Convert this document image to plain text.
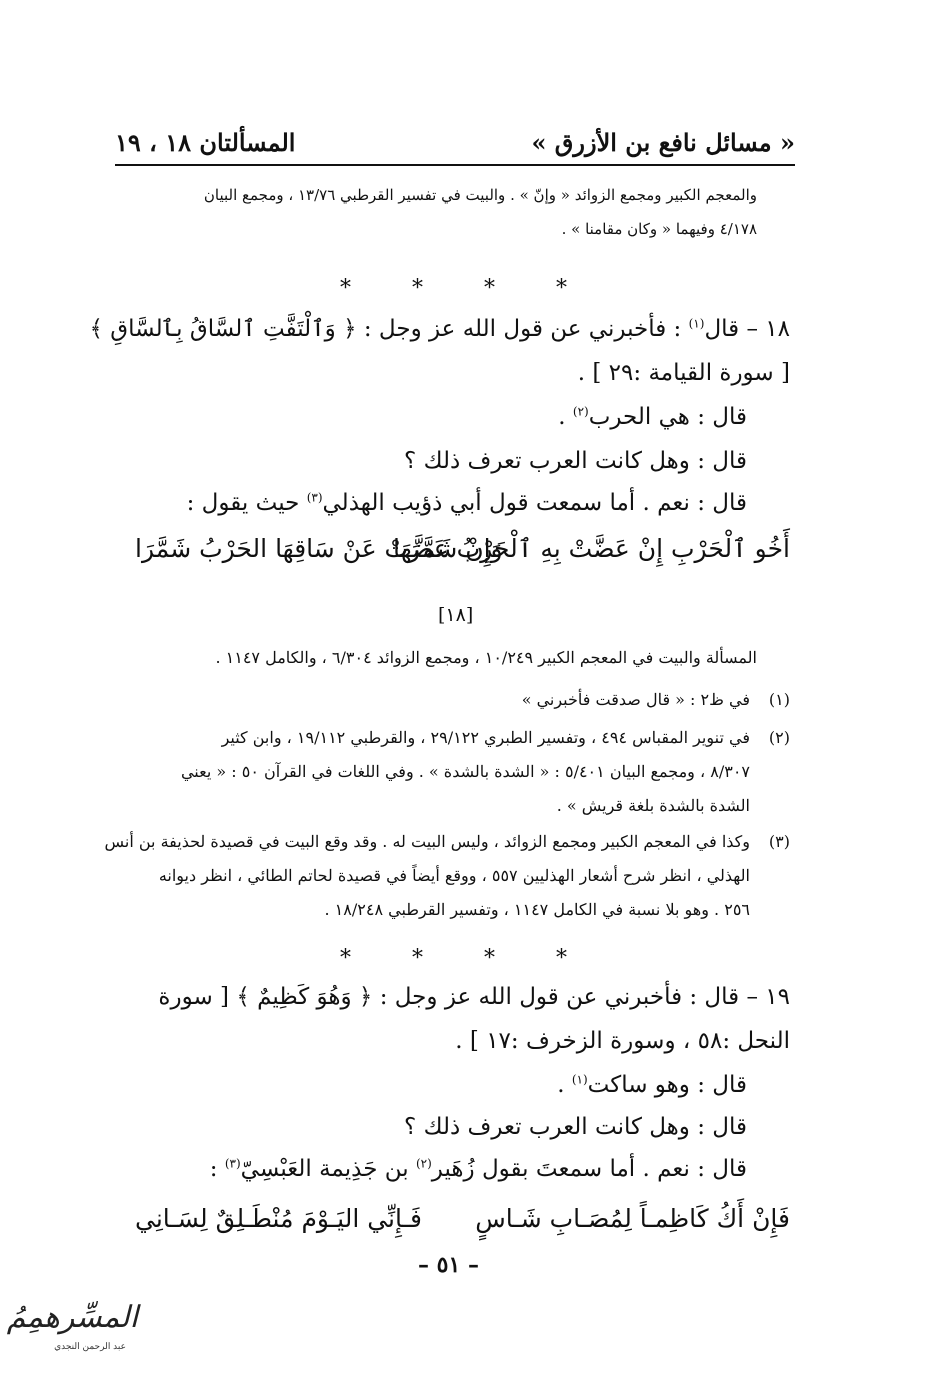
« مسائل نافع بن الأزرق »
المسألتان ١٨ ، ١٩
والمعجم الكبير ومجمع الزوائد « وإنّ » . والبيت في تفسير القرطبي ١٣/٧٦ ، ومجمع البيان
٤/١٧٨ وفيهما « وكان مقامنا » .
*	*	*	*
١٨ – قال$^{(١)}$ : فأخبرني عن قول الله عز وجل : ﴿ وَٱلْتَفَّتِ ٱلسَّاقُ بِٱلسَّاقِ ﴾
[ سورة القيامة :٢٩ ] .
قال : هي الحرب$^{(٢)}$ .
قال : وهل كانت العرب تعرف ذلك ؟
قال : نعم . أما سمعت قول أبي ذؤيب الهذلي$^{(٣)}$ حيث يقول :
أَخُو ٱلْحَرْبِ إِنْ عَضَّتْ بِهِ ٱلْحَرْبُ عَضَّهَا
وَإِنْ شَمَّرَتْ عَنْ سَاقِهَا الحَرْبُ شَمَّرَا
[١٨]
المسألة والبيت في المعجم الكبير ١٠/٢٤٩ ، ومجمع الزوائد ٦/٣٠٤ ، والكامل ١١٤٧ .
(١)
في ظ٢ : « قال صدقت فأخبرني »
(٢)
في تنوير المقباس ٤٩٤ ، وتفسير الطبري ٢٩/١٢٢ ، والقرطبي ١٩/١١٢ ، وابن كثير
٨/٣٠٧ ، ومجمع البيان ٥/٤٠١ : « الشدة بالشدة » . وفي اللغات في القرآن ٥٠ : « يعني
الشدة بالشدة بلغة قريش » .
(٣)
وكذا في المعجم الكبير ومجمع الزوائد ، وليس البيت له . وقد وقع البيت في قصيدة لحذيفة بن أنس
الهذلي ، انظر شرح أشعار الهذليين ٥٥٧ ، ووقع أيضاً في قصيدة لحاتم الطائي ، انظر ديوانه
٢٥٦ . وهو بلا نسبة في الكامل ١١٤٧ ، وتفسير القرطبي ١٨/٢٤٨ .
*	*	*	*
١٩ – قال : فأخبرني عن قول الله عز وجل : ﴿ وَهُوَ كَظِيمٌ ﴾ [ سورة
النحل :٥٨ ، وسورة الزخرف :١٧ ] .
قال : وهو ساكت$^{(١)}$ .
قال : وهل كانت العرب تعرف ذلك ؟
قال : نعم . أما سمعتَ بقول زُهَير$^{(٢)}$ بن جَذِيمة العَبْسِيّ$^{(٣)}$ :
فَإِنْ أَكُ كَاظِمـاً لِمُصَـابِ شَـاسٍ
فَـإِنِّي اليَـوْمَ مُنْطَـلِقٌ لِسَـانِي
– ٥١ –
المسِّرهمِمُ
عبد الرحمن النجدي
